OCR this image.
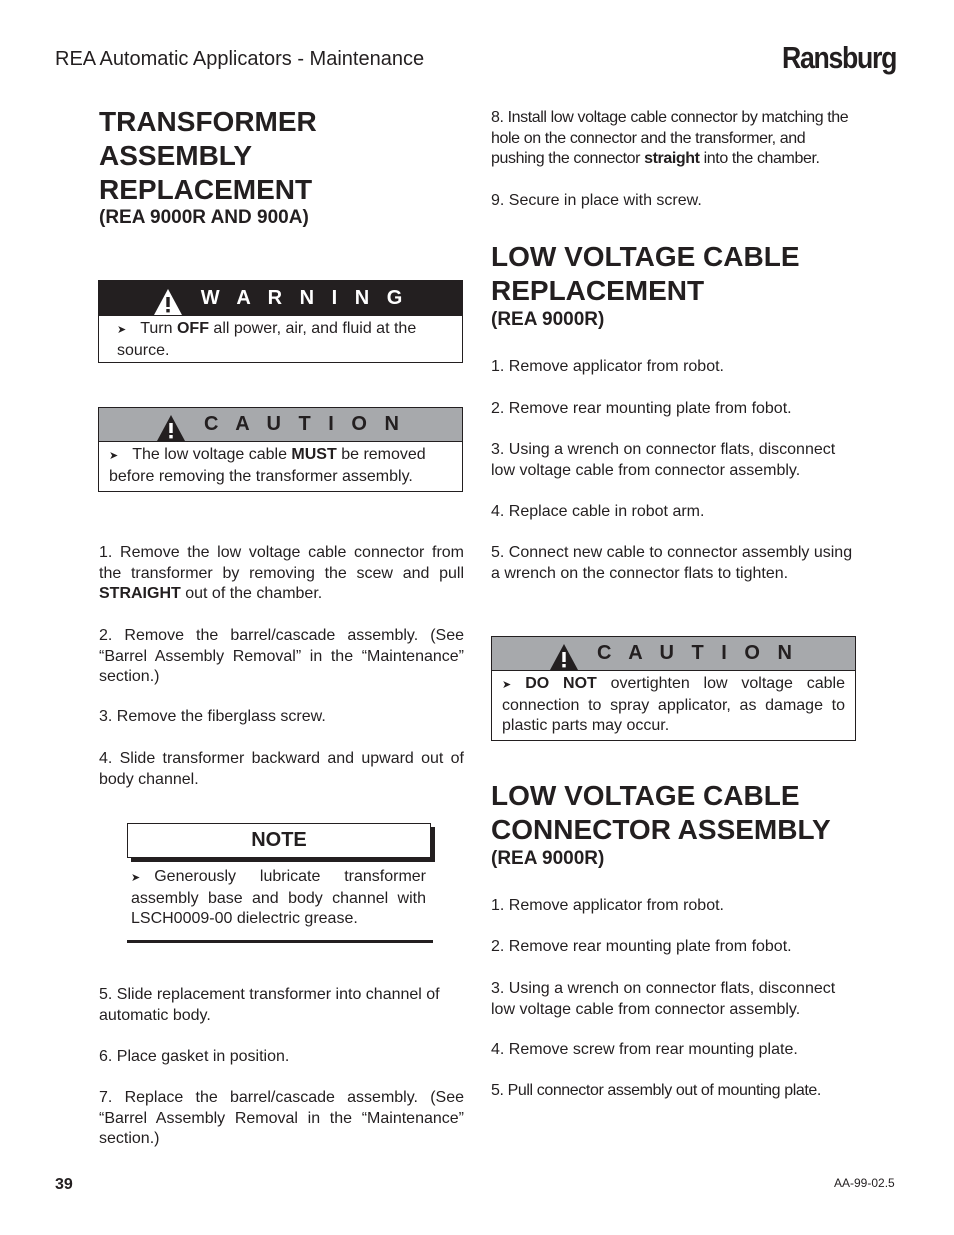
REA Automatic Applicators - Maintenance	Ransburg
TRANSFORMER
ASSEMBLY
REPLACEMENT
(REA 9000R AND 900A)
W A R N I N G
➤ Turn OFF all power, air, and fluid at the source.
C A U T I O N
➤ The low voltage cable MUST be removed before removing the transformer assembly.
1. Remove the low voltage cable connector from the transformer by removing the scew and pull STRAIGHT out of the chamber.
2. Remove the barrel/cascade assembly. (See “Barrel Assembly Removal” in the “Maintenance” section.)
3. Remove the fiberglass screw.
4. Slide transformer backward and upward out of body channel.
NOTE
➤ Generously lubricate transformer assembly base and body channel with LSCH0009-00 dielectric grease.
5. Slide replacement transformer into channel of automatic body.
6. Place gasket in position.
7. Replace the barrel/cascade assembly. (See “Barrel Assembly Removal in the “Maintenance” section.)
8. Install low voltage cable connector by matching the hole on the connector and the transformer, and pushing the connector straight into the chamber.
9. Secure in place with screw.
LOW VOLTAGE CABLE
REPLACEMENT
(REA 9000R)
1. Remove applicator from robot.
2. Remove rear mounting plate from fobot.
3. Using a wrench on connector flats, disconnect low voltage cable from connector assembly.
4. Replace cable in robot arm.
5. Connect new cable to connector assembly using a wrench on the connector flats to tighten.
C A U T I O N
➤ DO NOT overtighten low voltage cable connection to spray applicator, as damage to plastic parts may occur.
LOW VOLTAGE CABLE
CONNECTOR ASSEMBLY
(REA 9000R)
1. Remove applicator from robot.
2. Remove rear mounting plate from fobot.
3. Using a wrench on connector flats, disconnect low voltage cable from connector assembly.
4. Remove screw from rear mounting plate.
5. Pull connector assembly out of mounting plate.
39	AA-99-02.5
